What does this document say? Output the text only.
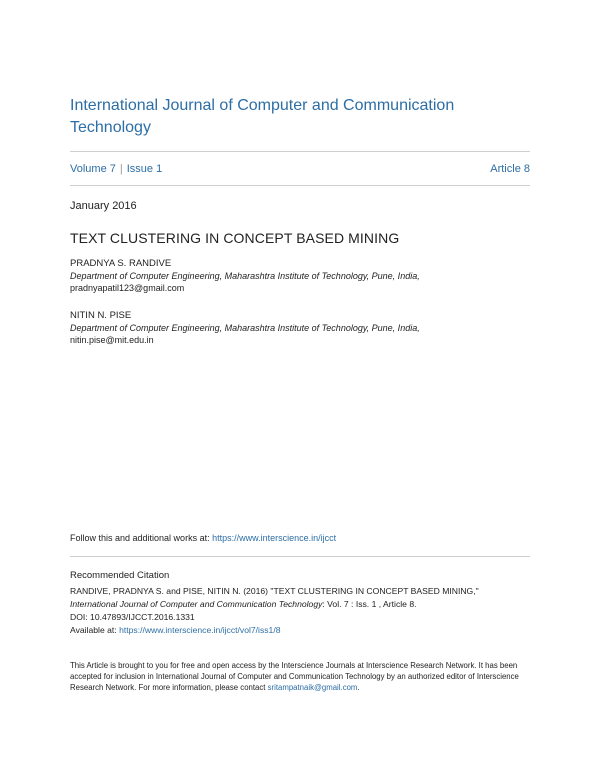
International Journal of Computer and Communication Technology
Volume 7 | Issue 1	Article 8
January 2016
TEXT CLUSTERING IN CONCEPT BASED MINING
PRADNYA S. RANDIVE
Department of Computer Engineering, Maharashtra Institute of Technology, Pune, India,
pradnyapatil123@gmail.com
NITIN N. PISE
Department of Computer Engineering, Maharashtra Institute of Technology, Pune, India,
nitin.pise@mit.edu.in
Follow this and additional works at: https://www.interscience.in/ijcct
Recommended Citation
RANDIVE, PRADNYA S. and PISE, NITIN N. (2016) "TEXT CLUSTERING IN CONCEPT BASED MINING,"
International Journal of Computer and Communication Technology: Vol. 7 : Iss. 1 , Article 8.
DOI: 10.47893/IJCCT.2016.1331
Available at: https://www.interscience.in/ijcct/vol7/iss1/8
This Article is brought to you for free and open access by the Interscience Journals at Interscience Research Network. It has been accepted for inclusion in International Journal of Computer and Communication Technology by an authorized editor of Interscience Research Network. For more information, please contact sritampatnaik@gmail.com.
